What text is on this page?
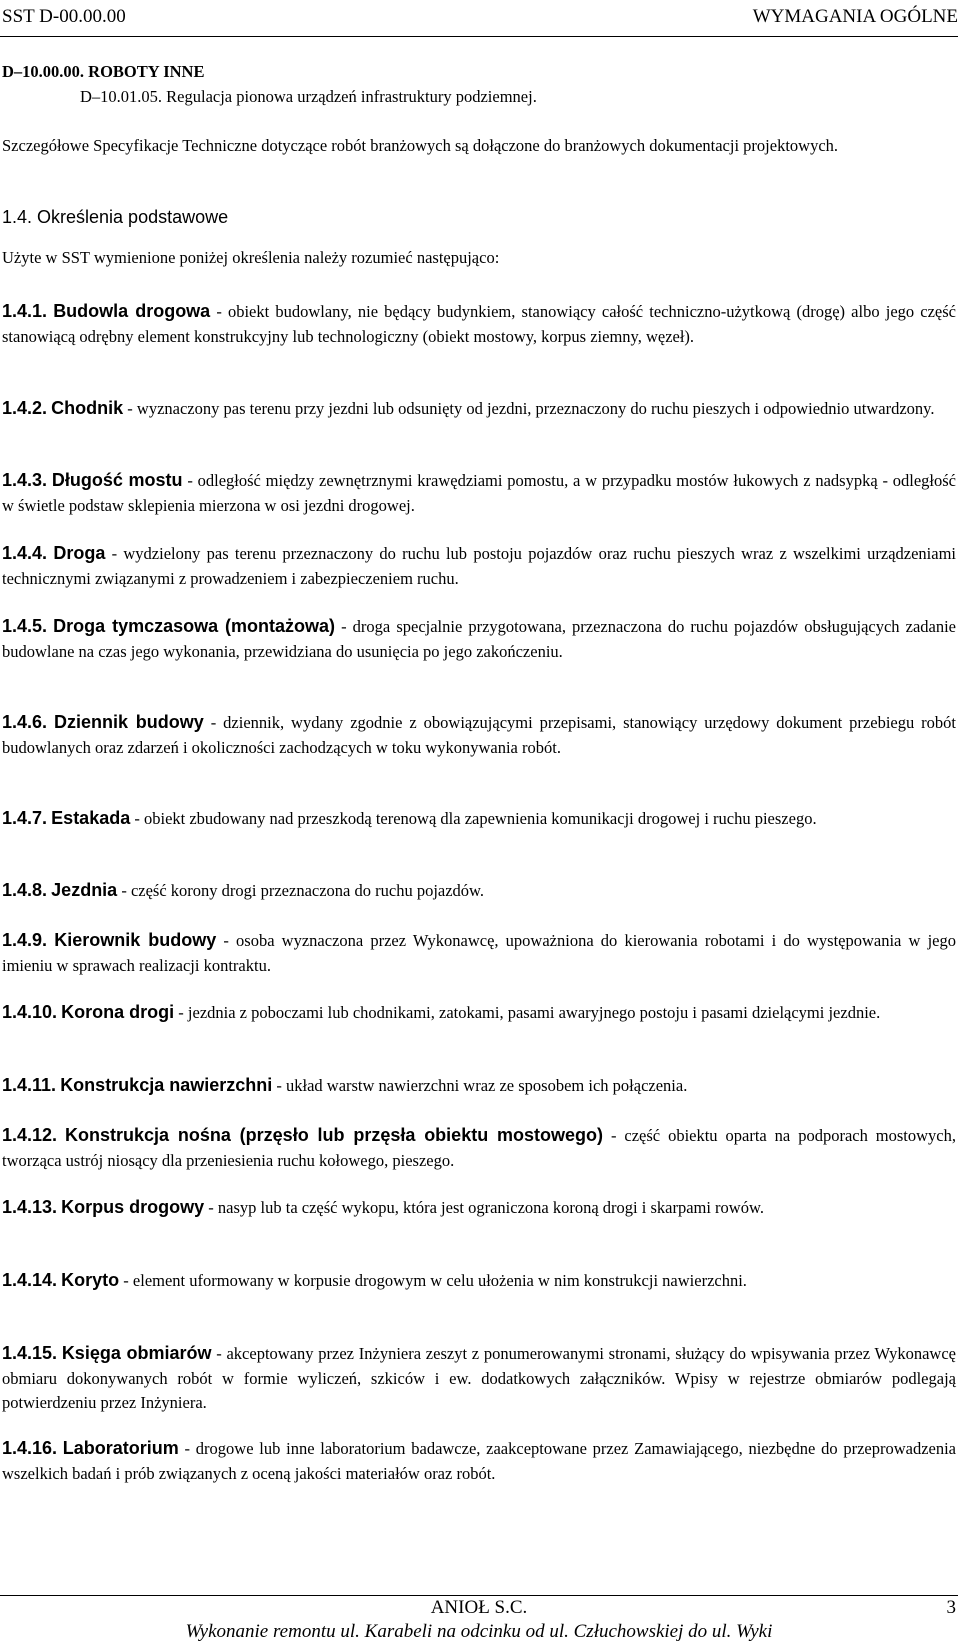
SST D-00.00.00	WYMAGANIA OGÓLNE
D–10.00.00. ROBOTY INNE
D–10.01.05. Regulacja pionowa urządzeń infrastruktury podziemnej.
Szczegółowe Specyfikacje Techniczne dotyczące robót branżowych są dołączone do branżowych dokumentacji projektowych.
1.4. Określenia podstawowe
Użyte w SST wymienione poniżej określenia należy rozumieć następująco:
1.4.1. Budowla drogowa - obiekt budowlany, nie będący budynkiem, stanowiący całość techniczno-użytkową (drogę) albo jego część stanowiącą odrębny element konstrukcyjny lub technologiczny (obiekt mostowy, korpus ziemny, węzeł).
1.4.2. Chodnik - wyznaczony pas terenu przy jezdni lub odsunięty od jezdni, przeznaczony do ruchu pieszych i odpowiednio utwardzony.
1.4.3. Długość mostu - odległość między zewnętrznymi krawędziami pomostu, a w przypadku mostów łukowych z nadsypką - odległość w świetle podstaw sklepienia mierzona w osi jezdni drogowej.
1.4.4. Droga - wydzielony pas terenu przeznaczony do ruchu lub postoju pojazdów oraz ruchu pieszych wraz z wszelkimi urządzeniami technicznymi związanymi z prowadzeniem i zabezpieczeniem ruchu.
1.4.5. Droga tymczasowa (montażowa) - droga specjalnie przygotowana, przeznaczona do ruchu pojazdów obsługujących zadanie budowlane na czas jego wykonania, przewidziana do usunięcia po jego zakończeniu.
1.4.6. Dziennik budowy - dziennik, wydany zgodnie z obowiązującymi przepisami, stanowiący urzędowy dokument przebiegu robót budowlanych oraz zdarzeń i okoliczności zachodzących w toku wykonywania robót.
1.4.7. Estakada - obiekt zbudowany nad przeszkodą terenową dla zapewnienia komunikacji drogowej i ruchu pieszego.
1.4.8. Jezdnia - część korony drogi przeznaczona do ruchu pojazdów.
1.4.9. Kierownik budowy - osoba wyznaczona przez Wykonawcę, upoważniona do kierowania robotami i do występowania w jego imieniu w sprawach realizacji kontraktu.
1.4.10. Korona drogi - jezdnia z poboczami lub chodnikami, zatokami, pasami awaryjnego postoju i pasami dzielącymi jezdnie.
1.4.11. Konstrukcja nawierzchni - układ warstw nawierzchni wraz ze sposobem ich połączenia.
1.4.12. Konstrukcja nośna (przęsło lub przęsła obiektu mostowego) - część obiektu oparta na podporach mostowych, tworząca ustrój niosący dla przeniesienia ruchu kołowego, pieszego.
1.4.13. Korpus drogowy - nasyp lub ta część wykopu, która jest ograniczona koroną drogi i skarpami rowów.
1.4.14. Koryto - element uformowany w korpusie drogowym w celu ułożenia w nim konstrukcji nawierzchni.
1.4.15. Księga obmiarów - akceptowany przez Inżyniera zeszyt z ponumerowanymi stronami, służący do wpisywania przez Wykonawcę obmiaru dokonywanych robót w formie wyliczeń, szkiców i ew. dodatkowych załączników. Wpisy w rejestrze obmiarów podlegają potwierdzeniu przez Inżyniera.
1.4.16. Laboratorium - drogowe lub inne laboratorium badawcze, zaakceptowane przez Zamawiającego, niezbędne do przeprowadzenia wszelkich badań i prób związanych z oceną jakości materiałów oraz robót.
ANIOŁ S.C.	3
Wykonanie remontu ul. Karabeli na odcinku od ul. Człuchowskiej do ul. Wyki
